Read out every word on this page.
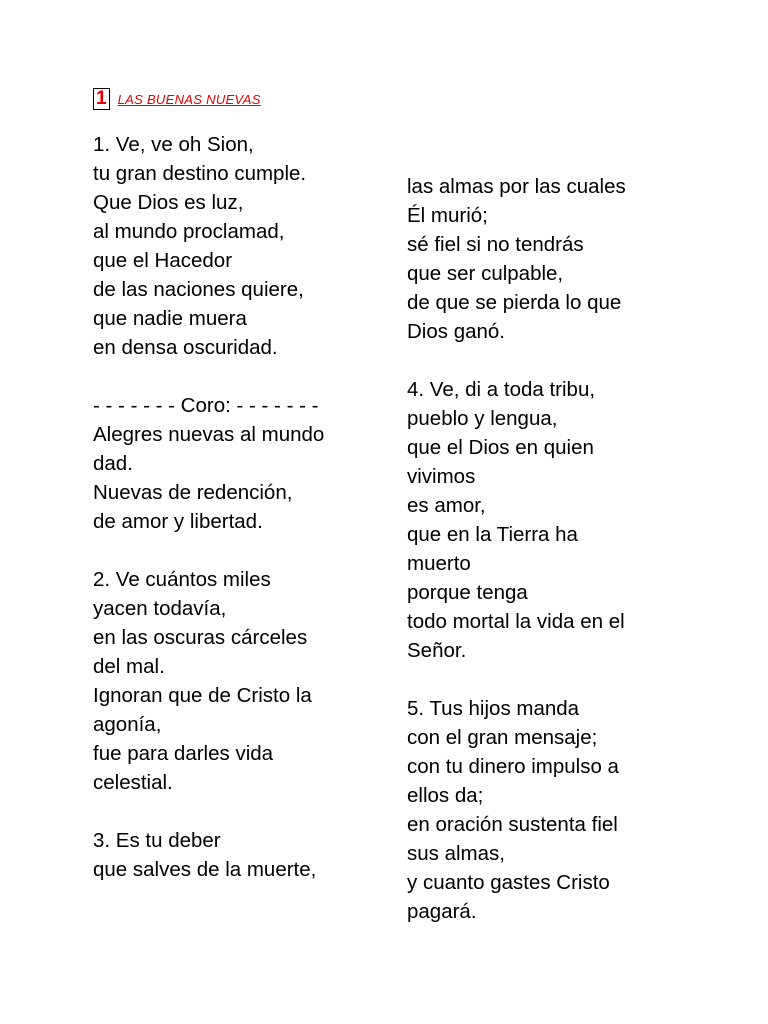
1 LAS BUENAS NUEVAS
1. Ve, ve oh Sion,
tu gran destino cumple.
Que Dios es luz,
al mundo proclamad,
que el Hacedor
de las naciones quiere,
que nadie muera
en densa oscuridad.
- - - - - - - Coro: - - - - - - -
Alegres nuevas al mundo
dad.
Nuevas de redención,
de amor y libertad.
2. Ve cuántos miles
yacen todavía,
en las oscuras cárceles
del mal.
Ignoran que de Cristo la
agonía,
fue para darles vida
celestial.
3. Es tu deber
que salves de la muerte,
las almas por las cuales
Él murió;
sé fiel si no tendrás
que ser culpable,
de que se pierda lo que
Dios ganó.
4. Ve, di a toda tribu,
pueblo y lengua,
que el Dios en quien
vivimos
es amor,
que en la Tierra ha
muerto
porque tenga
todo mortal la vida en el
Señor.
5. Tus hijos manda
con el gran mensaje;
con tu dinero impulso a
ellos da;
en oración sustenta fiel
sus almas,
y cuanto gastes Cristo
pagará.
